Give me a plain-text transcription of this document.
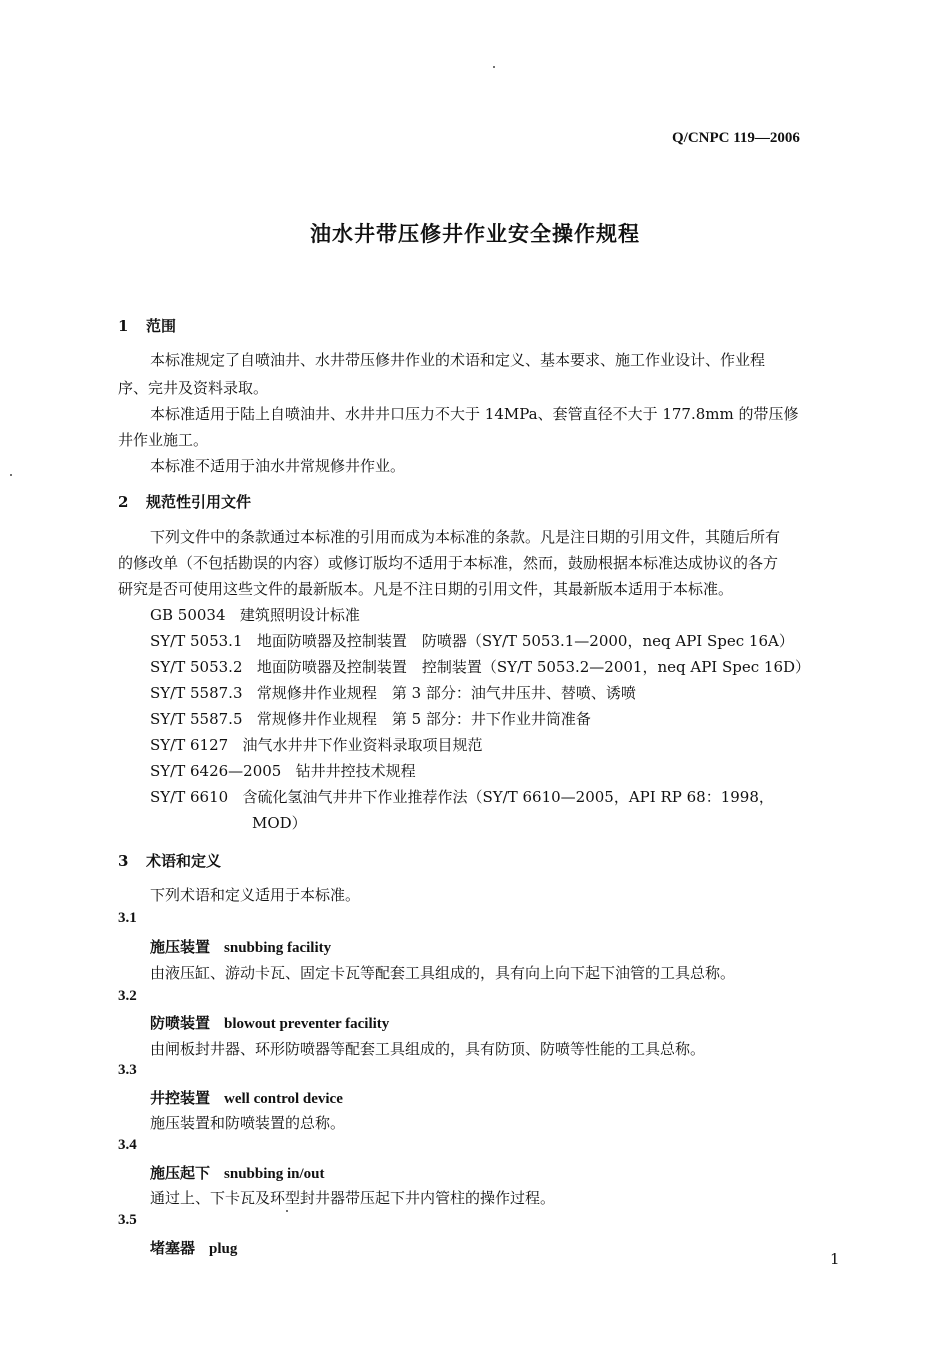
Q/CNPC 119—2006
油水井带压修井作业安全操作规程
1 范围
本标准规定了自喷油井、水井带压修井作业的术语和定义、基本要求、施工作业设计、作业程
序、完井及资料录取。
本标准适用于陆上自喷油井、水井井口压力不大于 14MPa、套管直径不大于 177.8mm 的带压修
井作业施工。
本标准不适用于油水井常规修井作业。
2 规范性引用文件
下列文件中的条款通过本标准的引用而成为本标准的条款。凡是注日期的引用文件，其随后所有
的修改单（不包括勘误的内容）或修订版均不适用于本标准，然而，鼓励根据本标准达成协议的各方
研究是否可使用这些文件的最新版本。凡是不注日期的引用文件，其最新版本适用于本标准。
GB 50034 建筑照明设计标准
SY/T 5053.1 地面防喷器及控制装置　防喷器（SY/T 5053.1—2000，neq API Spec 16A）
SY/T 5053.2 地面防喷器及控制装置　控制装置（SY/T 5053.2—2001，neq API Spec 16D）
SY/T 5587.3 常规修井作业规程　第 3 部分：油气井压井、替喷、诱喷
SY/T 5587.5 常规修井作业规程　第 5 部分：井下作业井筒准备
SY/T 6127 油气水井井下作业资料录取项目规范
SY/T 6426—2005 钻井井控技术规程
SY/T 6610 含硫化氢油气井井下作业推荐作法（SY/T 6610—2005，API RP 68：1998，
MOD）
3 术语和定义
下列术语和定义适用于本标准。
3.1
施压装置 snubbing facility
由液压缸、游动卡瓦、固定卡瓦等配套工具组成的，具有向上向下起下油管的工具总称。
3.2
防喷装置 blowout preventer facility
由闸板封井器、环形防喷器等配套工具组成的，具有防顶、防喷等性能的工具总称。
3.3
井控装置 well control device
施压装置和防喷装置的总称。
3.4
施压起下 snubbing in/out
通过上、下卡瓦及环型封井器带压起下井内管柱的操作过程。
3.5
堵塞器 plug
1
